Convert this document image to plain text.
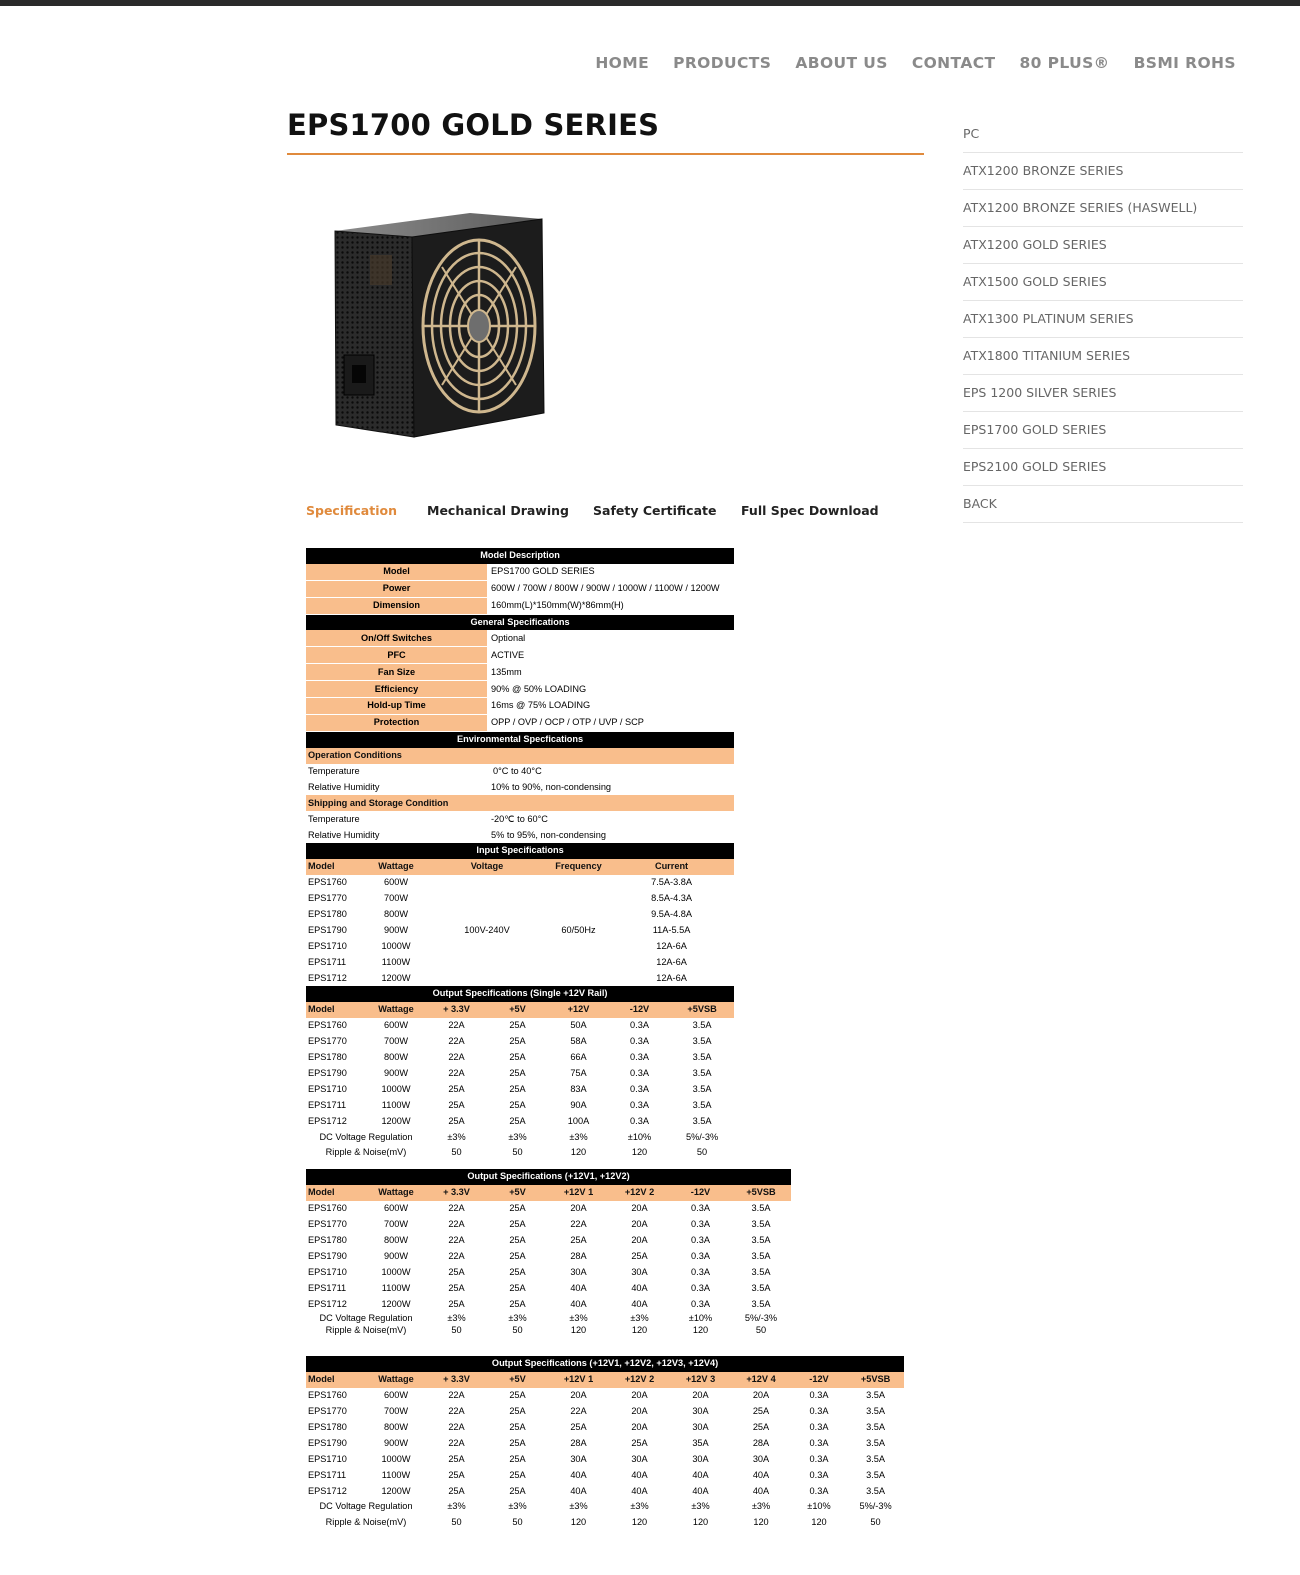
HOME PRODUCTS ABOUT US CONTACT 80 PLUS® BSMI ROHS
EPS1700 GOLD SERIES
Specification Mechanical Drawing Safety Certificate Full Spec Download
PC
ATX1200 BRONZE SERIES
ATX1200 BRONZE SERIES (HASWELL)
ATX1200 GOLD SERIES
ATX1500 GOLD SERIES
ATX1300 PLATINUM SERIES
ATX1800 TITANIUM SERIES
EPS 1200 SILVER SERIES
EPS1700 GOLD SERIES
EPS2100 GOLD SERIES
BACK
Model Description						
Model			EPS1700 GOLD SERIES			
Power			600W / 700W / 800W / 900W / 1000W / 1100W / 1200W			
Dimension			160mm(L)*150mm(W)*86mm(H)			
General Specifications						
On/Off Switches			Optional			
PFC			ACTIVE			
Fan Size			135mm			
Efficiency			90% @ 50% LOADING			
Hold-up Time			16ms @ 75% LOADING			
Protection			OPP / OVP / OCP / OTP / UVP / SCP			
Environmental Specfications						
Operation Conditions						
Temperature			0°C to 40°C			
Relative Humidity			10% to 90%, non-condensing			
Shipping and Storage Condition						
Temperature			-20℃ to 60°C			
Relative Humidity			5% to 95%, non-condensing			
Input Specifications						
Model	Wattage	Voltage		Frequency	Current	
EPS1760	600W				7.5A-3.8A	
EPS1770	700W				8.5A-4.3A	
EPS1780	800W				9.5A-4.8A	
EPS1790	900W	100V-240V		60/50Hz	11A-5.5A	
EPS1710	1000W				12A-6A	
EPS1711	1100W				12A-6A	
EPS1712	1200W				12A-6A	
Output Specifications (Single +12V Rail)						
Model	Wattage	+ 3.3V	+5V	+12V	-12V	+5VSB
EPS1760	600W	22A	25A	50A	0.3A	3.5A
EPS1770	700W	22A	25A	58A	0.3A	3.5A
EPS1780	800W	22A	25A	66A	0.3A	3.5A
EPS1790	900W	22A	25A	75A	0.3A	3.5A
EPS1710	1000W	25A	25A	83A	0.3A	3.5A
EPS1711	1100W	25A	25A	90A	0.3A	3.5A
EPS1712	1200W	25A	25A	100A	0.3A	3.5A
DC Voltage Regulation		±3%	±3%	±3%	±10%	5%/-3%
Ripple & Noise(mV)		50	50	120	120	50
Output Specifications (+12V1, +12V2)							
Model	Wattage	+ 3.3V	+5V	+12V 1	+12V 2	-12V	+5VSB
EPS1760	600W	22A	25A	20A	20A	0.3A	3.5A
EPS1770	700W	22A	25A	22A	20A	0.3A	3.5A
EPS1780	800W	22A	25A	25A	20A	0.3A	3.5A
EPS1790	900W	22A	25A	28A	25A	0.3A	3.5A
EPS1710	1000W	25A	25A	30A	30A	0.3A	3.5A
EPS1711	1100W	25A	25A	40A	40A	0.3A	3.5A
EPS1712	1200W	25A	25A	40A	40A	0.3A	3.5A
DC Voltage Regulation		±3%	±3%	±3%	±3%	±10%	5%/-3%
Ripple & Noise(mV)		50	50	120	120	120	50
Output Specifications (+12V1, +12V2, +12V3, +12V4)									
Model	Wattage	+ 3.3V	+5V	+12V 1	+12V 2	+12V 3	+12V 4	-12V	+5VSB
EPS1760	600W	22A	25A	20A	20A	20A	20A	0.3A	3.5A
EPS1770	700W	22A	25A	22A	20A	30A	25A	0.3A	3.5A
EPS1780	800W	22A	25A	25A	20A	30A	25A	0.3A	3.5A
EPS1790	900W	22A	25A	28A	25A	35A	28A	0.3A	3.5A
EPS1710	1000W	25A	25A	30A	30A	30A	30A	0.3A	3.5A
EPS1711	1100W	25A	25A	40A	40A	40A	40A	0.3A	3.5A
EPS1712	1200W	25A	25A	40A	40A	40A	40A	0.3A	3.5A
DC Voltage Regulation		±3%	±3%	±3%	±3%	±3%	±3%	±10%	5%/-3%
Ripple & Noise(mV)		50	50	120	120	120	120	120	50
